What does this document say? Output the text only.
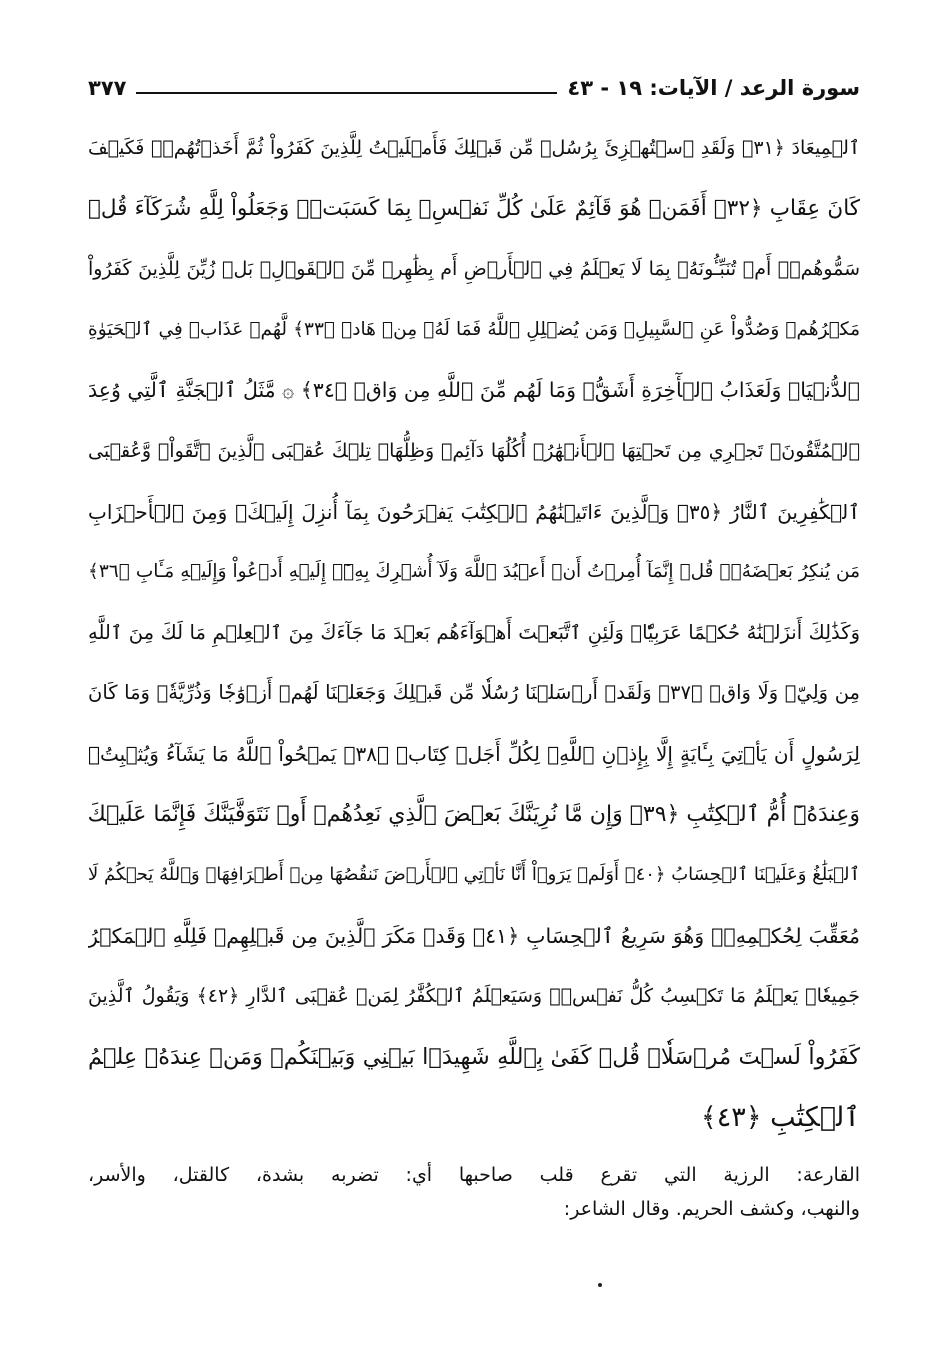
سورة الرعد / الآيات: ١٩ - ٤٣
٣٧٧
ٱلۡمِيعَادَ ﴿٣١﴾ وَلَقَدِ ٱسۡتُهۡزِئَ بِرُسُلٖ مِّن قَبۡلِكَ فَأَمۡلَيۡتُ لِلَّذِينَ كَفَرُواْ ثُمَّ أَخَذۡتُهُمۡۖ فَكَيۡفَ
كَانَ عِقَابِ ﴿٣٢﴾ أَفَمَنۡ هُوَ قَآئِمٌ عَلَىٰ كُلِّ نَفۡسِۭ بِمَا كَسَبَتۡۗ وَجَعَلُواْ لِلَّهِ شُرَكَآءَ قُلۡ
سَمُّوهُمۡۚ أَمۡ تُنَبِّـُٔونَهُۥ بِمَا لَا يَعۡلَمُ فِي ٱلۡأَرۡضِ أَم بِظَٰهِرٖ مِّنَ ٱلۡقَوۡلِۗ بَلۡ زُيِّنَ لِلَّذِينَ كَفَرُواْ
مَكۡرُهُمۡ وَصُدُّواْ عَنِ ٱلسَّبِيلِۗ وَمَن يُضۡلِلِ ٱللَّهُ فَمَا لَهُۥ مِنۡ هَادٖ ﴿٣٣﴾ لَّهُمۡ عَذَابٞ فِي ٱلۡحَيَوٰةِ
ٱلدُّنۡيَاۖ وَلَعَذَابُ ٱلۡأٓخِرَةِ أَشَقُّۖ وَمَا لَهُم مِّنَ ٱللَّهِ مِن وَاقٖ ﴿٣٤﴾ ۞ مَّثَلُ ٱلۡجَنَّةِ ٱلَّتِي وُعِدَ
ٱلۡمُتَّقُونَۖ تَجۡرِي مِن تَحۡتِهَا ٱلۡأَنۡهَٰرُۖ أُكُلُهَا دَآئِمٞ وَظِلُّهَاۚ تِلۡكَ عُقۡبَى ٱلَّذِينَ ٱتَّقَواْۖ وَّعُقۡبَى
ٱلۡكَٰفِرِينَ ٱلنَّارُ ﴿٣٥﴾ وَٱلَّذِينَ ءَاتَيۡنَٰهُمُ ٱلۡكِتَٰبَ يَفۡرَحُونَ بِمَآ أُنزِلَ إِلَيۡكَۖ وَمِنَ ٱلۡأَحۡزَابِ
مَن يُنكِرُ بَعۡضَهُۥۚ قُلۡ إِنَّمَآ أُمِرۡتُ أَنۡ أَعۡبُدَ ٱللَّهَ وَلَآ أُشۡرِكَ بِهِۦٓۚ إِلَيۡهِ أَدۡعُواْ وَإِلَيۡهِ مَـَٔابِ ﴿٣٦﴾
وَكَذَٰلِكَ أَنزَلۡنَٰهُ حُكۡمًا عَرَبِيّٗاۚ وَلَئِنِ ٱتَّبَعۡتَ أَهۡوَآءَهُم بَعۡدَ مَا جَآءَكَ مِنَ ٱلۡعِلۡمِ مَا لَكَ مِنَ ٱللَّهِ
مِن وَلِيّٖ وَلَا وَاقٖ ﴿٣٧﴾ وَلَقَدۡ أَرۡسَلۡنَا رُسُلٗا مِّن قَبۡلِكَ وَجَعَلۡنَا لَهُمۡ أَزۡوَٰجٗا وَذُرِّيَّةٗۚ وَمَا كَانَ
لِرَسُولٍ أَن يَأۡتِيَ بِـَٔايَةٍ إِلَّا بِإِذۡنِ ٱللَّهِۗ لِكُلِّ أَجَلٖ كِتَابٞ ﴿٣٨﴾ يَمۡحُواْ ٱللَّهُ مَا يَشَآءُ وَيُثۡبِتُۖ
وَعِندَهُۥٓ أُمُّ ٱلۡكِتَٰبِ ﴿٣٩﴾ وَإِن مَّا نُرِيَنَّكَ بَعۡضَ ٱلَّذِي نَعِدُهُمۡ أَوۡ نَتَوَفَّيَنَّكَ فَإِنَّمَا عَلَيۡكَ
ٱلۡبَلَٰغُ وَعَلَيۡنَا ٱلۡحِسَابُ ﴿٤٠﴾ أَوَلَمۡ يَرَوۡاْ أَنَّا نَأۡتِي ٱلۡأَرۡضَ نَنقُصُهَا مِنۡ أَطۡرَافِهَاۚ وَٱللَّهُ يَحۡكُمُ لَا
مُعَقِّبَ لِحُكۡمِهِۦۚ وَهُوَ سَرِيعُ ٱلۡحِسَابِ ﴿٤١﴾ وَقَدۡ مَكَرَ ٱلَّذِينَ مِن قَبۡلِهِمۡ فَلِلَّهِ ٱلۡمَكۡرُ
جَمِيعٗاۖ يَعۡلَمُ مَا تَكۡسِبُ كُلُّ نَفۡسٖۗ وَسَيَعۡلَمُ ٱلۡكُفَّٰرُ لِمَنۡ عُقۡبَى ٱلدَّارِ ﴿٤٢﴾ وَيَقُولُ ٱلَّذِينَ
كَفَرُواْ لَسۡتَ مُرۡسَلٗاۚ قُلۡ كَفَىٰ بِٱللَّهِ شَهِيدَۢا بَيۡنِي وَبَيۡنَكُمۡ وَمَنۡ عِندَهُۥ عِلۡمُ
ٱلۡكِتَٰبِ ﴿٤٣﴾
القارعة: الرزية التي تقرع قلب صاحبها أي: تضربه بشدة، كالقتل، والأسر،
والنهب، وكشف الحريم. وقال الشاعر:
